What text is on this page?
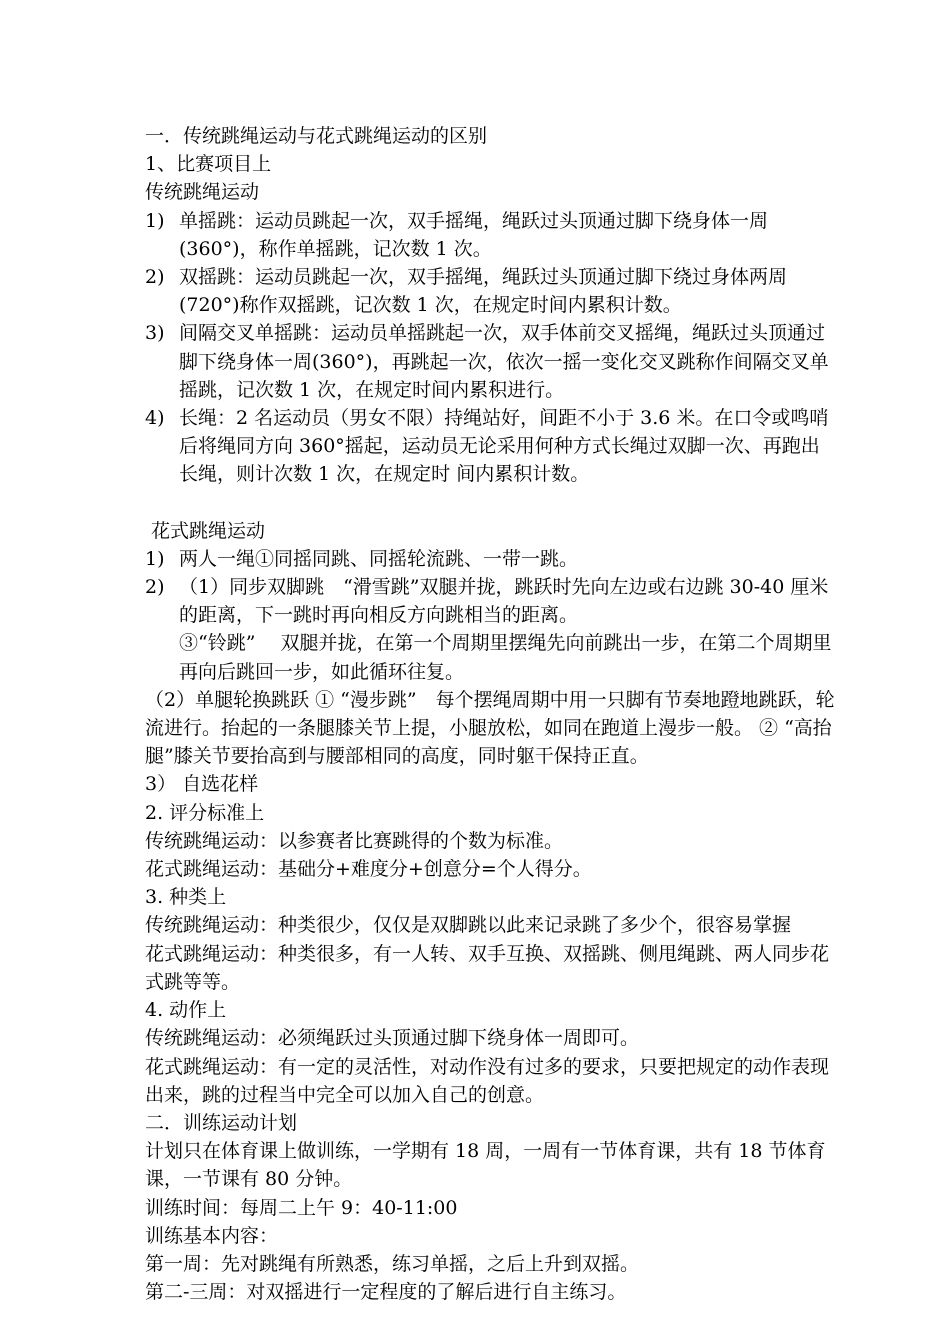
一．传统跳绳运动与花式跳绳运动的区别

1、比赛项目上

传统跳绳运动

1) 单摇跳：运动员跳起一次，双手摇绳，绳跃过头顶通过脚下绕身体一周(360°)，称作单摇跳，记次数 1 次。
2) 双摇跳：运动员跳起一次，双手摇绳，绳跃过头顶通过脚下绕过身体两周(720°)称作双摇跳，记次数 1 次，在规定时间内累积计数。
3) 间隔交叉单摇跳：运动员单摇跳起一次，双手体前交叉摇绳，绳跃过头顶通过脚下绕身体一周(360°)，再跳起一次，依次一摇一变化交叉跳称作间隔交叉单摇跳，记次数 1 次，在规定时间内累积进行。
4) 长绳：2 名运动员（男女不限）持绳站好，间距不小于 3.6 米。在口令或鸣哨后将绳同方向 360°摇起，运动员无论采用何种方式长绳过双脚一次、再跑出长绳，则计次数 1 次，在规定时 间内累积计数。

花式跳绳运动

1) 两人一绳①同摇同跳、同摇轮流跳、一带一跳。
2) （1）同步双脚跳　“滑雪跳”双腿并拢，跳跃时先向左边或右边跳 30-40 厘米的距离，下一跳时再向相反方向跳相当的距离。

③“铃跳”　 双腿并拢，在第一个周期里摆绳先向前跳出一步，在第二个周期里再向后跳回一步，如此循环往复。

（2）单腿轮换跳跃 ① “漫步跳”　每个摆绳周期中用一只脚有节奏地蹬地跳跃，轮流进行。抬起的一条腿膝关节上提，小腿放松，如同在跑道上漫步一般。 ② “高抬腿”膝关节要抬高到与腰部相同的高度，同时躯干保持正直。

3） 自选花样

2. 评分标准上

传统跳绳运动：以参赛者比赛跳得的个数为标准。

花式跳绳运动：基础分+难度分+创意分=个人得分。

3. 种类上

传统跳绳运动：种类很少，仅仅是双脚跳以此来记录跳了多少个，很容易掌握

花式跳绳运动：种类很多，有一人转、双手互换、双摇跳、侧甩绳跳、两人同步花式跳等等。

4. 动作上

传统跳绳运动：必须绳跃过头顶通过脚下绕身体一周即可。

花式跳绳运动：有一定的灵活性，对动作没有过多的要求，只要把规定的动作表现出来，跳的过程当中完全可以加入自己的创意。

二．训练运动计划

计划只在体育课上做训练，一学期有 18 周，一周有一节体育课，共有 18 节体育课，一节课有 80 分钟。

训练时间：每周二上午 9：40-11:00

训练基本内容：

第一周：先对跳绳有所熟悉，练习单摇，之后上升到双摇。

第二-三周：对双摇进行一定程度的了解后进行自主练习。
